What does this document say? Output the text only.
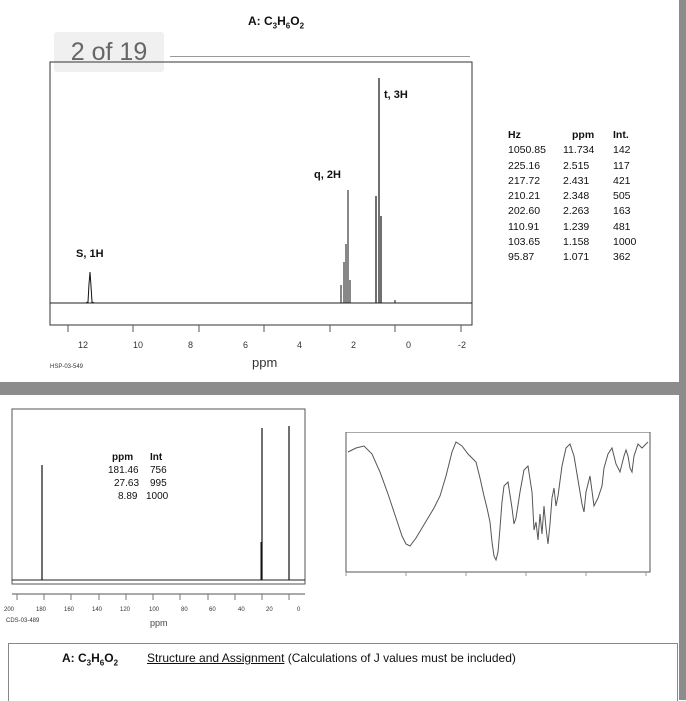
2 of 19
A: $C_3H_6O_2$
S, 1H
q, 2H
t, 3H
12	10	8	6	4	2	0	-2
ppm
HSP-03-549
Hz	ppm Int.
1050.85 11.734 142
225.16 2.515 117
217.72 2.431 421
210.21 2.348 505
202.60 2.263 163
110.91 1.239 481
103.65 1.158 1000
95.87	1.071 362
ppm Int
181.46 756
27.63 995
8.89 1000
200	180	160	140	120	100	80	60	40	20	0
CDS-03-489	ppm
A: $C_3H_6O_2$ Structure and Assignment (Calculations of J values must be included)
